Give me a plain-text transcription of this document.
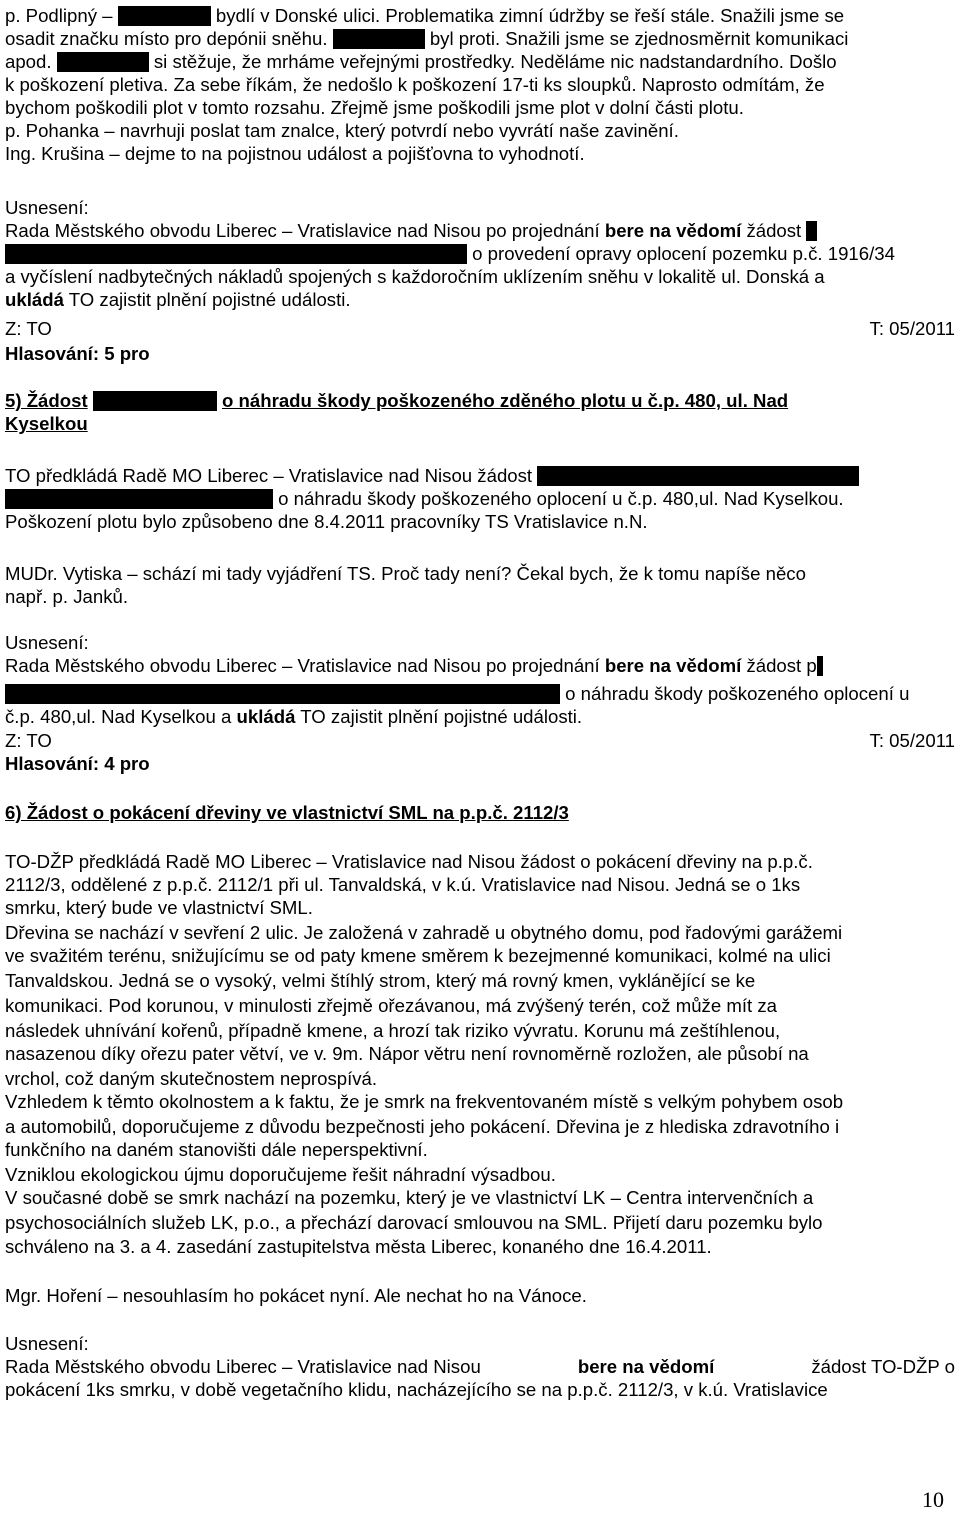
p. Podlipný –	bydlí v Donské ulici. Problematika zimní údržby se řeší stále. Snažili jsme se
osadit značku místo pro depónii sněhu.	byl proti. Snažili jsme se zjednosměrnit komunikaci
apod.	si stěžuje, že mrháme veřejnými prostředky. Neděláme nic nadstandardního. Došlo
k poškození pletiva. Za sebe říkám, že nedošlo k poškození 17-ti ks sloupků. Naprosto odmítám, že
bychom poškodili plot v tomto rozsahu. Zřejmě jsme poškodili jsme plot v dolní části plotu.
p. Pohanka – navrhuji poslat tam znalce, který potvrdí nebo vyvrátí naše zavinění.
Ing. Krušina – dejme to na pojistnou událost a pojišťovna to vyhodnotí.
Usnesení:
Rada Městského obvodu Liberec – Vratislavice nad Nisou po projednání bere na vědomí žádost
o provedení opravy oplocení pozemku p.č. 1916/34
a vyčíslení nadbytečných nákladů spojených s každoročním uklízením sněhu v lokalitě ul. Donská a
ukládá TO zajistit plnění pojistné události.
Z: TO	T: 05/2011
Hlasování: 5 pro
5) Žádost	o náhradu škody poškozeného zděného plotu u č.p. 480, ul. Nad
Kyselkou
TO předkládá Radě MO Liberec – Vratislavice nad Nisou žádost
o náhradu škody poškozeného oplocení u č.p. 480,ul. Nad Kyselkou.
Poškození plotu bylo způsobeno dne 8.4.2011 pracovníky TS Vratislavice n.N.
MUDr. Vytiska – schází mi tady vyjádření TS. Proč tady není? Čekal bych, že k tomu napíše něco
např. p. Janků.
Usnesení:
Rada Městského obvodu Liberec – Vratislavice nad Nisou po projednání bere na vědomí žádost p
o náhradu škody poškozeného oplocení u
č.p. 480,ul. Nad Kyselkou a ukládá TO zajistit plnění pojistné události.
Z: TO	T: 05/2011
Hlasování: 4 pro
6) Žádost o pokácení dřeviny ve vlastnictví SML na p.p.č. 2112/3
TO-DŽP předkládá Radě MO Liberec – Vratislavice nad Nisou žádost o pokácení dřeviny na p.p.č.
2112/3, oddělené z p.p.č. 2112/1 při ul. Tanvaldská, v k.ú. Vratislavice nad Nisou. Jedná se o 1ks
smrku, který bude ve vlastnictví SML.
Dřevina se nachází v sevření 2 ulic. Je založená v zahradě u obytného domu, pod řadovými garážemi
ve svažitém terénu, snižujícímu se od paty kmene směrem k bezejmenné komunikaci, kolmé na ulici
Tanvaldskou. Jedná se o vysoký, velmi štíhlý strom, který má rovný kmen, vyklánějící se ke
komunikaci. Pod korunou, v minulosti zřejmě ořezávanou, má zvýšený terén, což může mít za
následek uhnívání kořenů, případně kmene, a hrozí tak riziko vývratu. Korunu má zeštíhlenou,
nasazenou díky ořezu pater větví, ve v. 9m. Nápor větru není rovnoměrně rozložen, ale působí na
vrchol, což daným skutečnostem neprospívá.
Vzhledem k těmto okolnostem a k faktu, že je smrk na frekventovaném místě s velkým pohybem osob
a automobilů, doporučujeme z důvodu bezpečnosti jeho pokácení. Dřevina je z hlediska zdravotního i
funkčního na daném stanovišti dále neperspektivní.
Vzniklou ekologickou újmu doporučujeme řešit náhradní výsadbou.
V současné době se smrk nachází na pozemku, který je ve vlastnictví LK – Centra intervenčních a
psychosociálních služeb LK, p.o., a přechází darovací smlouvou na SML. Přijetí daru pozemku bylo
schváleno na 3. a 4. zasedání zastupitelstva města Liberec, konaného dne 16.4.2011.
Mgr. Hoření – nesouhlasím ho pokácet nyní. Ale nechat ho na Vánoce.
Usnesení:
Rada Městského obvodu Liberec – Vratislavice nad Nisou	bere na vědomí	žádost TO-DŽP o
pokácení 1ks smrku, v době vegetačního klidu, nacházejícího se na p.p.č. 2112/3, v k.ú. Vratislavice
10
